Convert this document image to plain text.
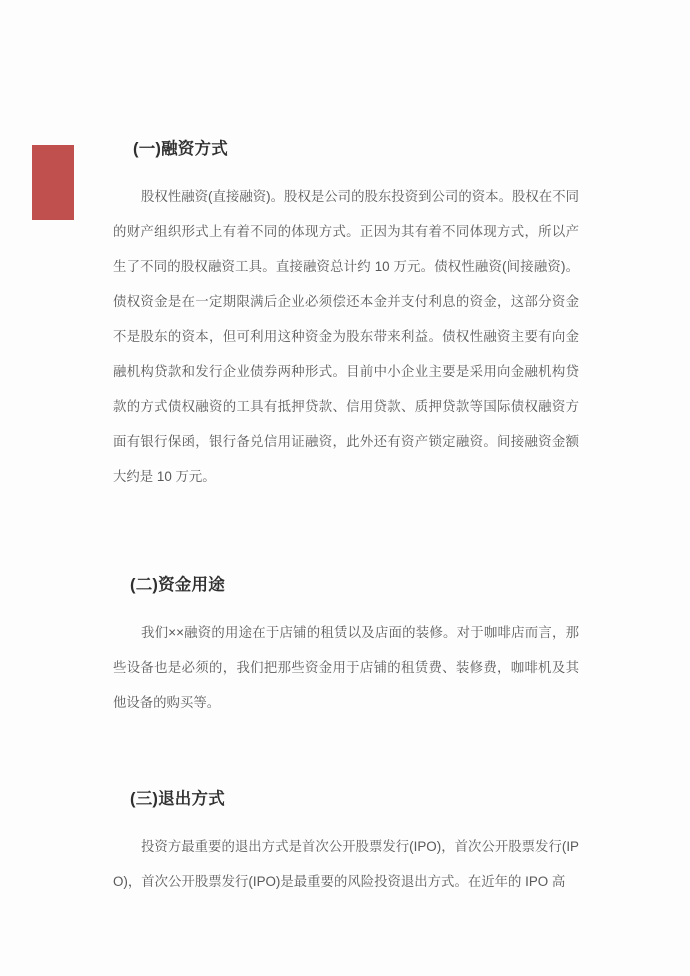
(一)融资方式

股权性融资(直接融资)。股权是公司的股东投资到公司的资本。股权在不同的财产组织形式上有着不同的体现方式。正因为其有着不同体现方式，所以产生了不同的股权融资工具。直接融资总计约 10 万元。债权性融资(间接融资)。债权资金是在一定期限满后企业必须偿还本金并支付利息的资金，这部分资金不是股东的资本，但可利用这种资金为股东带来利益。债权性融资主要有向金融机构贷款和发行企业债券两种形式。目前中小企业主要是采用向金融机构贷款的方式债权融资的工具有抵押贷款、信用贷款、质押贷款等国际债权融资方面有银行保函，银行备兑信用证融资，此外还有资产锁定融资。间接融资金额大约是 10 万元。

(二)资金用途

我们××融资的用途在于店铺的租赁以及店面的装修。对于咖啡店而言，那些设备也是必须的，我们把那些资金用于店铺的租赁费、装修费，咖啡机及其他设备的购买等。

(三)退出方式

投资方最重要的退出方式是首次公开股票发行(IPO)，首次公开股票发行(IPO)，首次公开股票发行(IPO)是最重要的风险投资退出方式。在近年的 IPO 高
